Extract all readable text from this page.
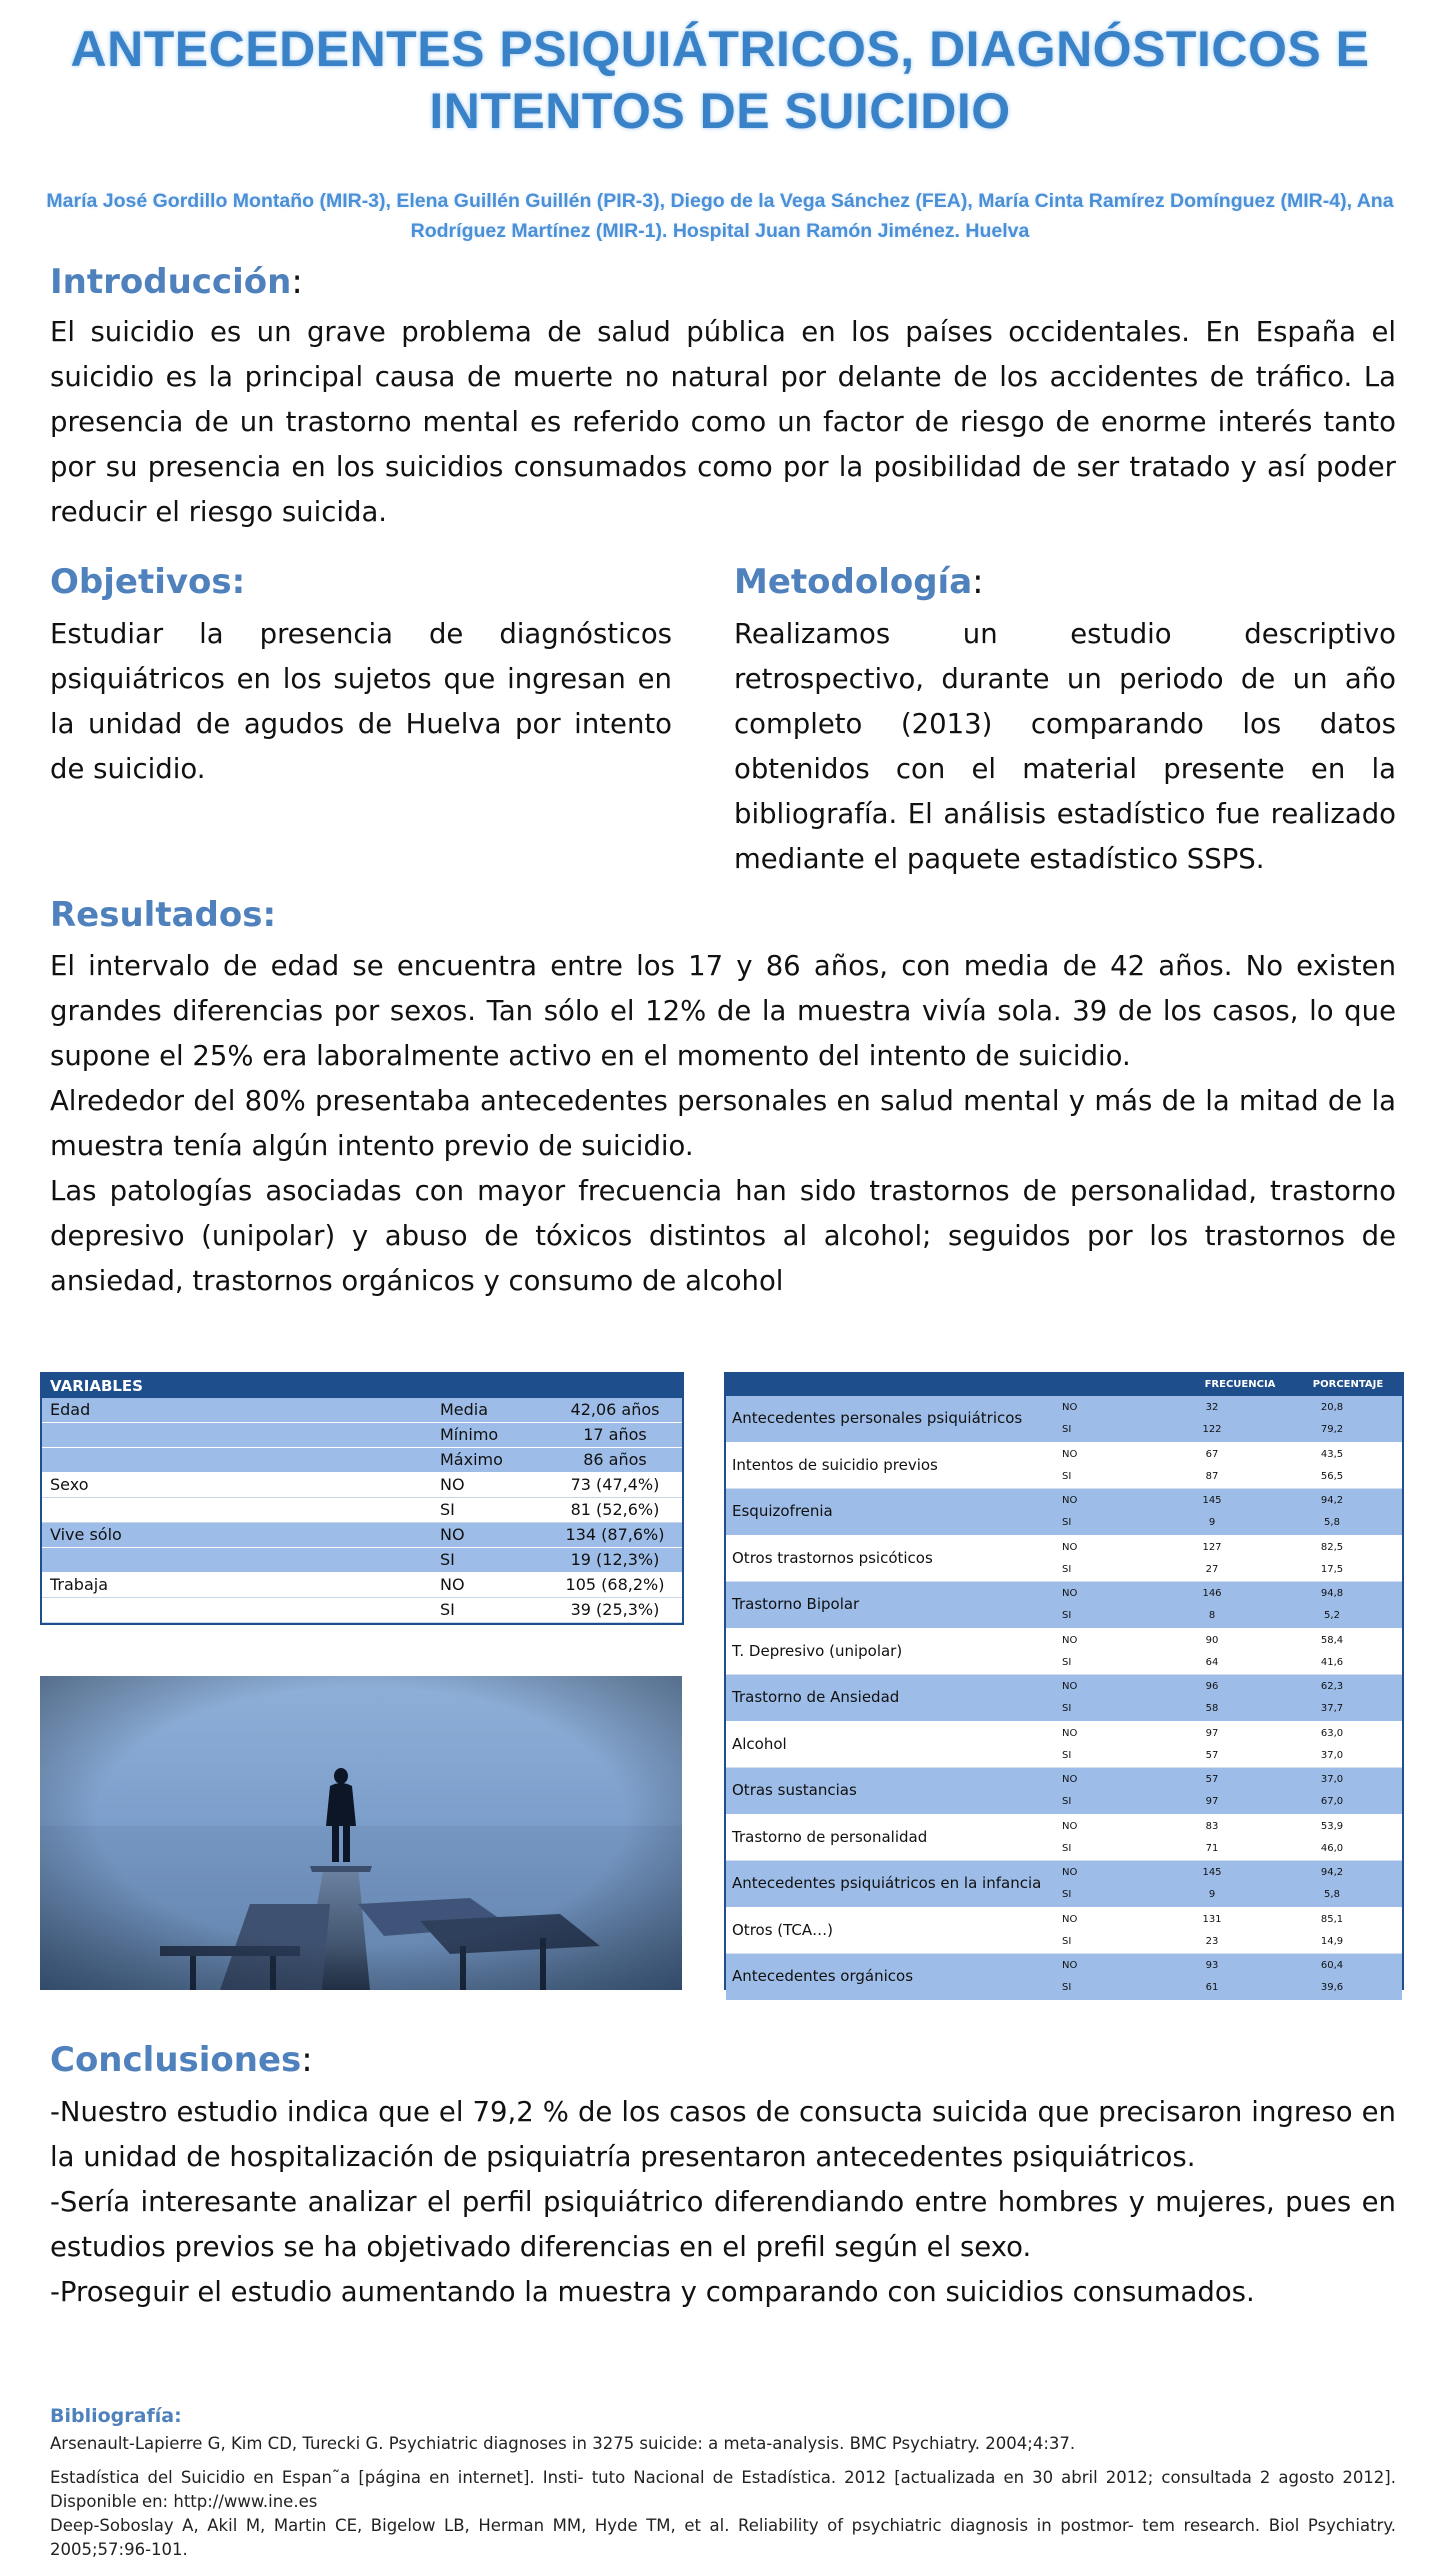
ANTECEDENTES PSIQUIÁTRICOS, DIAGNÓSTICOS E INTENTOS DE SUICIDIO
María José Gordillo Montaño (MIR-3), Elena Guillén Guillén (PIR-3), Diego de la Vega Sánchez (FEA), María Cinta Ramírez Domínguez (MIR-4), Ana Rodríguez Martínez (MIR-1). Hospital Juan Ramón Jiménez. Huelva
Introducción:
El suicidio es un grave problema de salud pública en los países occidentales. En España el suicidio es la principal causa de muerte no natural por delante de los accidentes de tráfico. La presencia de un trastorno mental es referido como un factor de riesgo de enorme interés tanto por su presencia en los suicidios consumados como por la posibilidad de ser tratado y así poder reducir el riesgo suicida.
Objetivos:
Estudiar la presencia de diagnósticos psiquiátricos en los sujetos que ingresan en la unidad de agudos de Huelva por intento de suicidio.
Metodología:
Realizamos un estudio descriptivo retrospectivo, durante un periodo de un año completo (2013) comparando los datos obtenidos con el material presente en la bibliografía. El análisis estadístico fue realizado mediante el paquete estadístico SSPS.
Resultados:

El intervalo de edad se encuentra entre los 17 y 86 años, con media de 42 años. No existen grandes diferencias por sexos. Tan sólo el 12% de la muestra vivía sola. 39 de los casos, lo que supone el 25% era laboralmente activo en el momento del intento de suicidio.

Alrededor del 80% presentaba antecedentes personales en salud mental y más de la mitad de la muestra tenía algún intento previo de suicidio.

Las patologías asociadas con mayor frecuencia han sido trastornos de personalidad, trastorno depresivo (unipolar) y abuso de tóxicos distintos al alcohol; seguidos por los trastornos de ansiedad, trastornos orgánicos y consumo de alcohol

VARIABLES
Edad	Media	42,06 años
Mínimo	17 años
Máximo	86 años
Sexo	NO	73 (47,4%)
SI	81 (52,6%)
Vive sólo	NO	134 (87,6%)
SI	19 (12,3%)
Trabaja	NO	105 (68,2%)
SI	39 (25,3%)
FRECUENCIA	PORCENTAJE
Antecedentes personales psiquiátricos
NO	32	20,8
SI	122	79,2
Intentos de suicidio previos
NO	67	43,5
SI	87	56,5
Esquizofrenia
NO	145	94,2
SI	9	5,8
Otros trastornos psicóticos
NO	127	82,5
SI	27	17,5
Trastorno Bipolar
NO	146	94,8
SI	8	5,2
T. Depresivo (unipolar)
NO	90	58,4
SI	64	41,6
Trastorno de Ansiedad
NO	96	62,3
SI	58	37,7
Alcohol
NO	97	63,0
SI	57	37,0
Otras sustancias
NO	57	37,0
SI	97	67,0
Trastorno de personalidad
NO	83	53,9
SI	71	46,0
Antecedentes psiquiátricos en la infancia
NO	145	94,2
SI	9	5,8
Otros (TCA…)
NO	131	85,1
SI	23	14,9
Antecedentes orgánicos
NO	93	60,4
SI	61	39,6
Conclusiones:

-Nuestro estudio indica que el 79,2 % de los casos de consucta suicida que precisaron ingreso en la unidad de hospitalización de psiquiatría presentaron antecedentes psiquiátricos.

-Sería interesante analizar el perfil psiquiátrico diferendiando entre hombres y mujeres, pues en estudios previos se ha objetivado diferencias en el prefil según el sexo.

-Proseguir el estudio aumentando la muestra y comparando con suicidios consumados.

Bibliografía:

Arsenault-Lapierre G, Kim CD, Turecki G. Psychiatric diagnoses in 3275 suicide: a meta-analysis. BMC Psychiatry. 2004;4:37.

Estadística del Suicidio en Espan˜a [página en internet]. Insti- tuto Nacional de Estadística. 2012 [actualizada en 30 abril 2012; consultada 2 agosto 2012]. Disponible en: http://www.ine.es

Deep-Soboslay A, Akil M, Martin CE, Bigelow LB, Herman MM, Hyde TM, et al. Reliability of psychiatric diagnosis in postmor- tem research. Biol Psychiatry. 2005;57:96-101.
